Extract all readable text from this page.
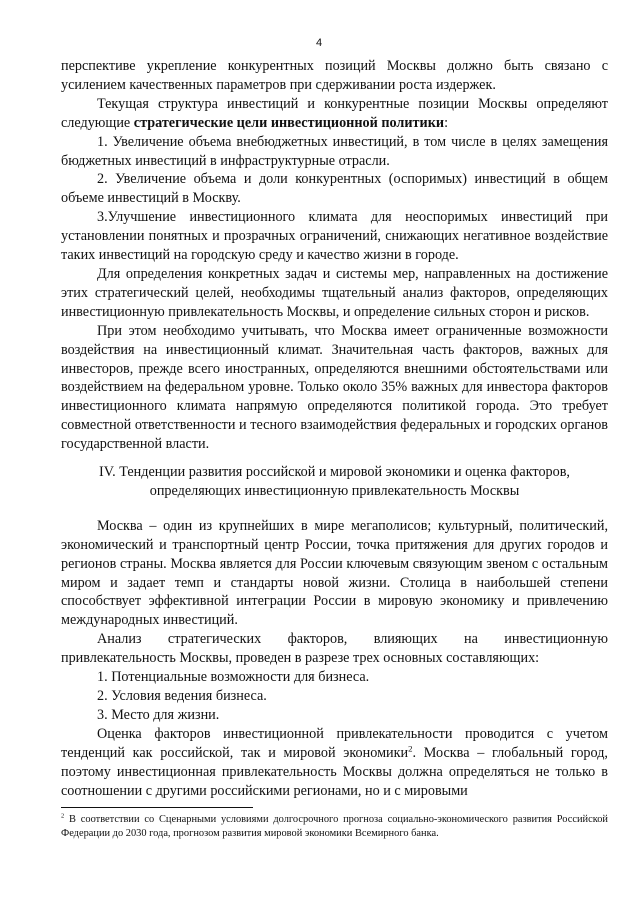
4

перспективе укрепление конкурентных позиций Москвы должно быть связано с усилением качественных параметров при сдерживании роста издержек.

Текущая структура инвестиций и конкурентные позиции Москвы определяют следующие стратегические цели инвестиционной политики:

1. Увеличение объема внебюджетных инвестиций, в том числе в целях замещения бюджетных инвестиций в инфраструктурные отрасли.

2. Увеличение объема и доли конкурентных (оспоримых) инвестиций в общем объеме инвестиций в Москву.

3.Улучшение инвестиционного климата для неоспоримых инвестиций при установлении понятных и прозрачных ограничений, снижающих негативное воздействие таких инвестиций на городскую среду и качество жизни в городе.

Для определения конкретных задач и системы мер, направленных на достижение этих стратегический целей, необходимы тщательный анализ факторов, определяющих инвестиционную привлекательность Москвы, и определение сильных сторон и рисков.

При этом необходимо учитывать, что Москва имеет ограниченные возможности воздействия на инвестиционный климат. Значительная часть факторов, важных для инвесторов, прежде всего иностранных, определяются внешними обстоятельствами или воздействием на федеральном уровне. Только около 35% важных для инвестора факторов инвестиционного климата напрямую определяются политикой города. Это требует совместной ответственности и тесного взаимодействия федеральных и городских органов государственной власти.

IV. Тенденции развития российской и мировой экономики и оценка факторов,
определяющих инвестиционную привлекательность Москвы

Москва – один из крупнейших в мире мегаполисов; культурный, политический, экономический и транспортный центр России, точка притяжения для других городов и регионов страны. Москва является для России ключевым связующим звеном с остальным миром и задает темп и стандарты новой жизни. Столица в наибольшей степени способствует эффективной интеграции России в мировую экономику и привлечению международных инвестиций.

Анализ стратегических факторов, влияющих на инвестиционную привлекательность Москвы, проведен в разрезе трех основных составляющих:

1. Потенциальные возможности для бизнеса.

2. Условия ведения бизнеса.

3. Место для жизни.

Оценка факторов инвестиционной привлекательности проводится с учетом тенденций как российской, так и мировой экономики$^2$. Москва – глобальный город, поэтому инвестиционная привлекательность Москвы должна определяться не только в соотношении с другими российскими регионами, но и с мировыми

$^2$ В соответствии со Сценарными условиями долгосрочного прогноза социально-экономического развития Российской Федерации до 2030 года, прогнозом развития мировой экономики Всемирного банка.
